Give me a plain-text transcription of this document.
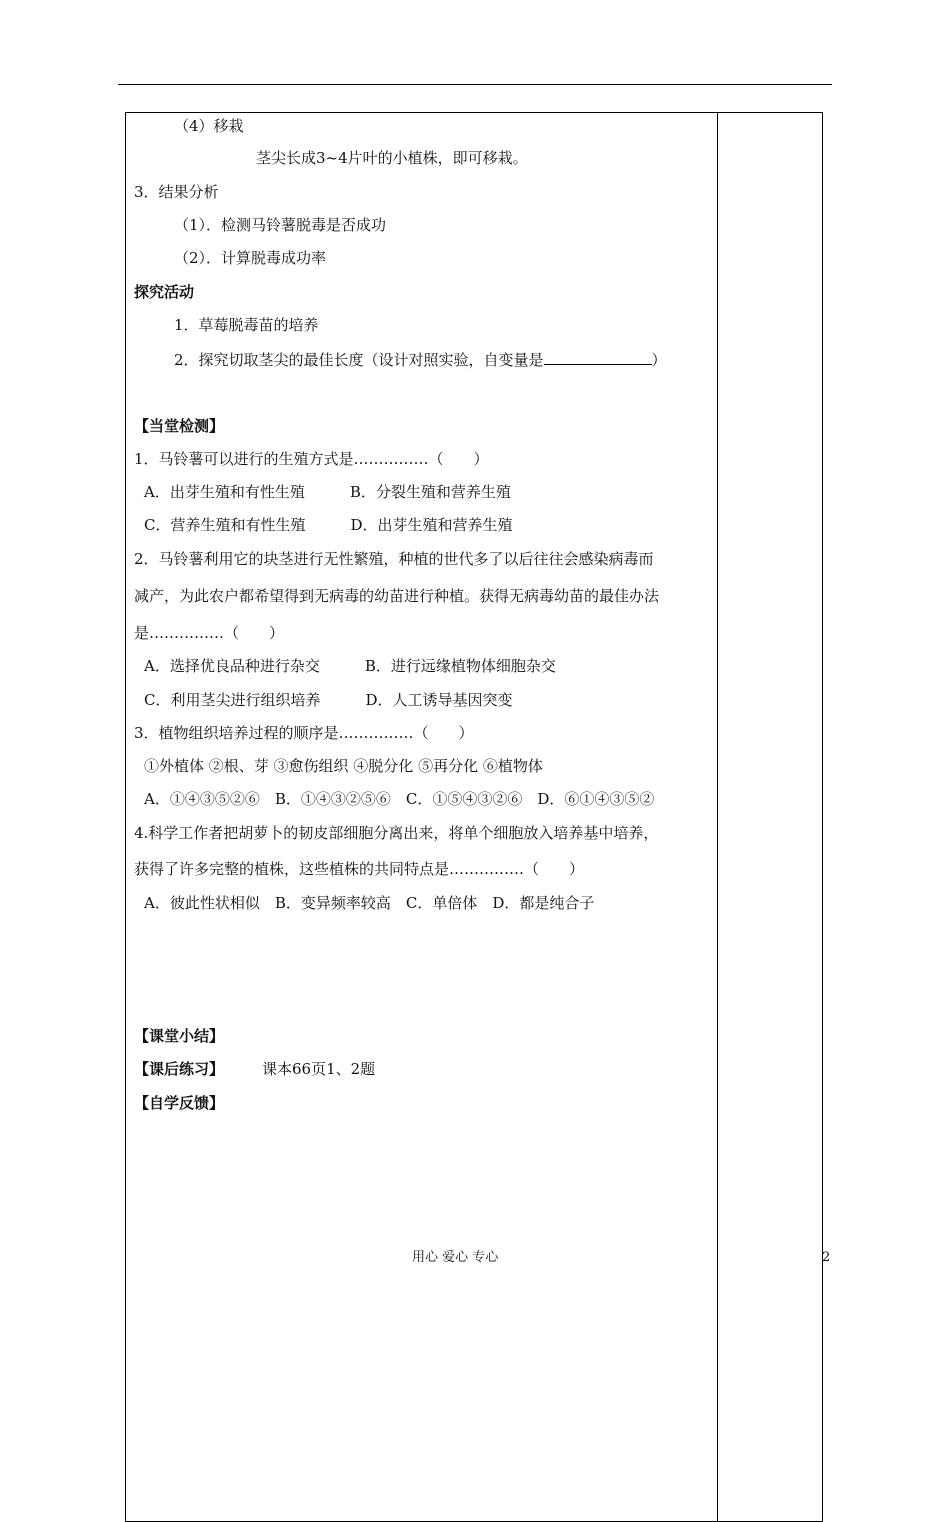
（4）移栽
茎尖长成3~4片叶的小植株，即可移栽。
3．结果分析
（1）．检测马铃薯脱毒是否成功
（2）．计算脱毒成功率
探究活动
1．草莓脱毒苗的培养
2．探究切取茎尖的最佳长度（设计对照实验，自变量是	）
【当堂检测】
1．马铃薯可以进行的生殖方式是……………（　　）
A．出芽生殖和有性生殖　　　B．分裂生殖和营养生殖
C．营养生殖和有性生殖　　　D．出芽生殖和营养生殖
2．马铃薯利用它的块茎进行无性繁殖，种植的世代多了以后往往会感染病毒而
减产，为此农户都希望得到无病毒的幼苗进行种植。获得无病毒幼苗的最佳办法
是……………（　　）
A．选择优良品种进行杂交　　　B．进行远缘植物体细胞杂交
C．利用茎尖进行组织培养　　　D．人工诱导基因突变
3．植物组织培养过程的顺序是……………（　　）
①外植体 ②根、芽 ③愈伤组织 ④脱分化 ⑤再分化 ⑥植物体
A．①④③⑤②⑥　B．①④③②⑤⑥　C．①⑤④③②⑥　D．⑥①④③⑤②
4.科学工作者把胡萝卜的韧皮部细胞分离出来，将单个细胞放入培养基中培养，
获得了许多完整的植株，这些植株的共同特点是……………（　　）
A．彼此性状相似　B．变异频率较高　C．单倍体　D．都是纯合子
【课堂小结】
【课后练习】	课本66页1、2题
【自学反馈】
用心 爱心 专心	2
